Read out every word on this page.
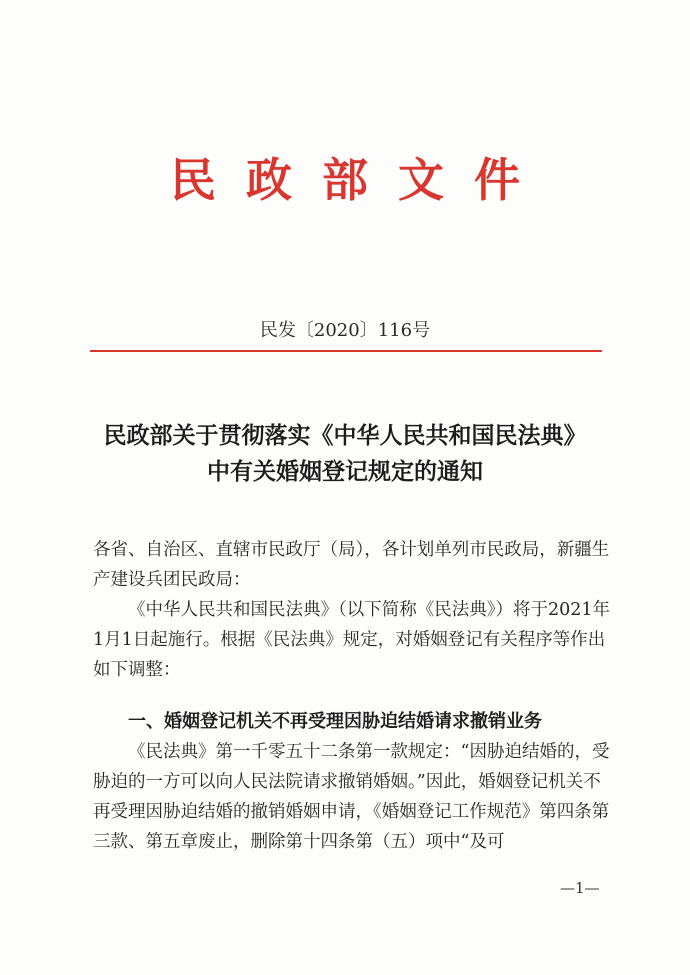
民政部文件
民发〔2020〕116号
民政部关于贯彻落实《中华人民共和国民法典》
中有关婚姻登记规定的通知
各省、自治区、直辖市民政厅（局），各计划单列市民政局，新疆生产建设兵团民政局：
《中华人民共和国民法典》（以下简称《民法典》）将于2021年1月1日起施行。根据《民法典》规定，对婚姻登记有关程序等作出如下调整：
一、婚姻登记机关不再受理因胁迫结婚请求撤销业务
《民法典》第一千零五十二条第一款规定：“因胁迫结婚的，受胁迫的一方可以向人民法院请求撤销婚姻。”因此，婚姻登记机关不再受理因胁迫结婚的撤销婚姻申请，《婚姻登记工作规范》第四条第三款、第五章废止，删除第十四条第（五）项中“及可
—1—
